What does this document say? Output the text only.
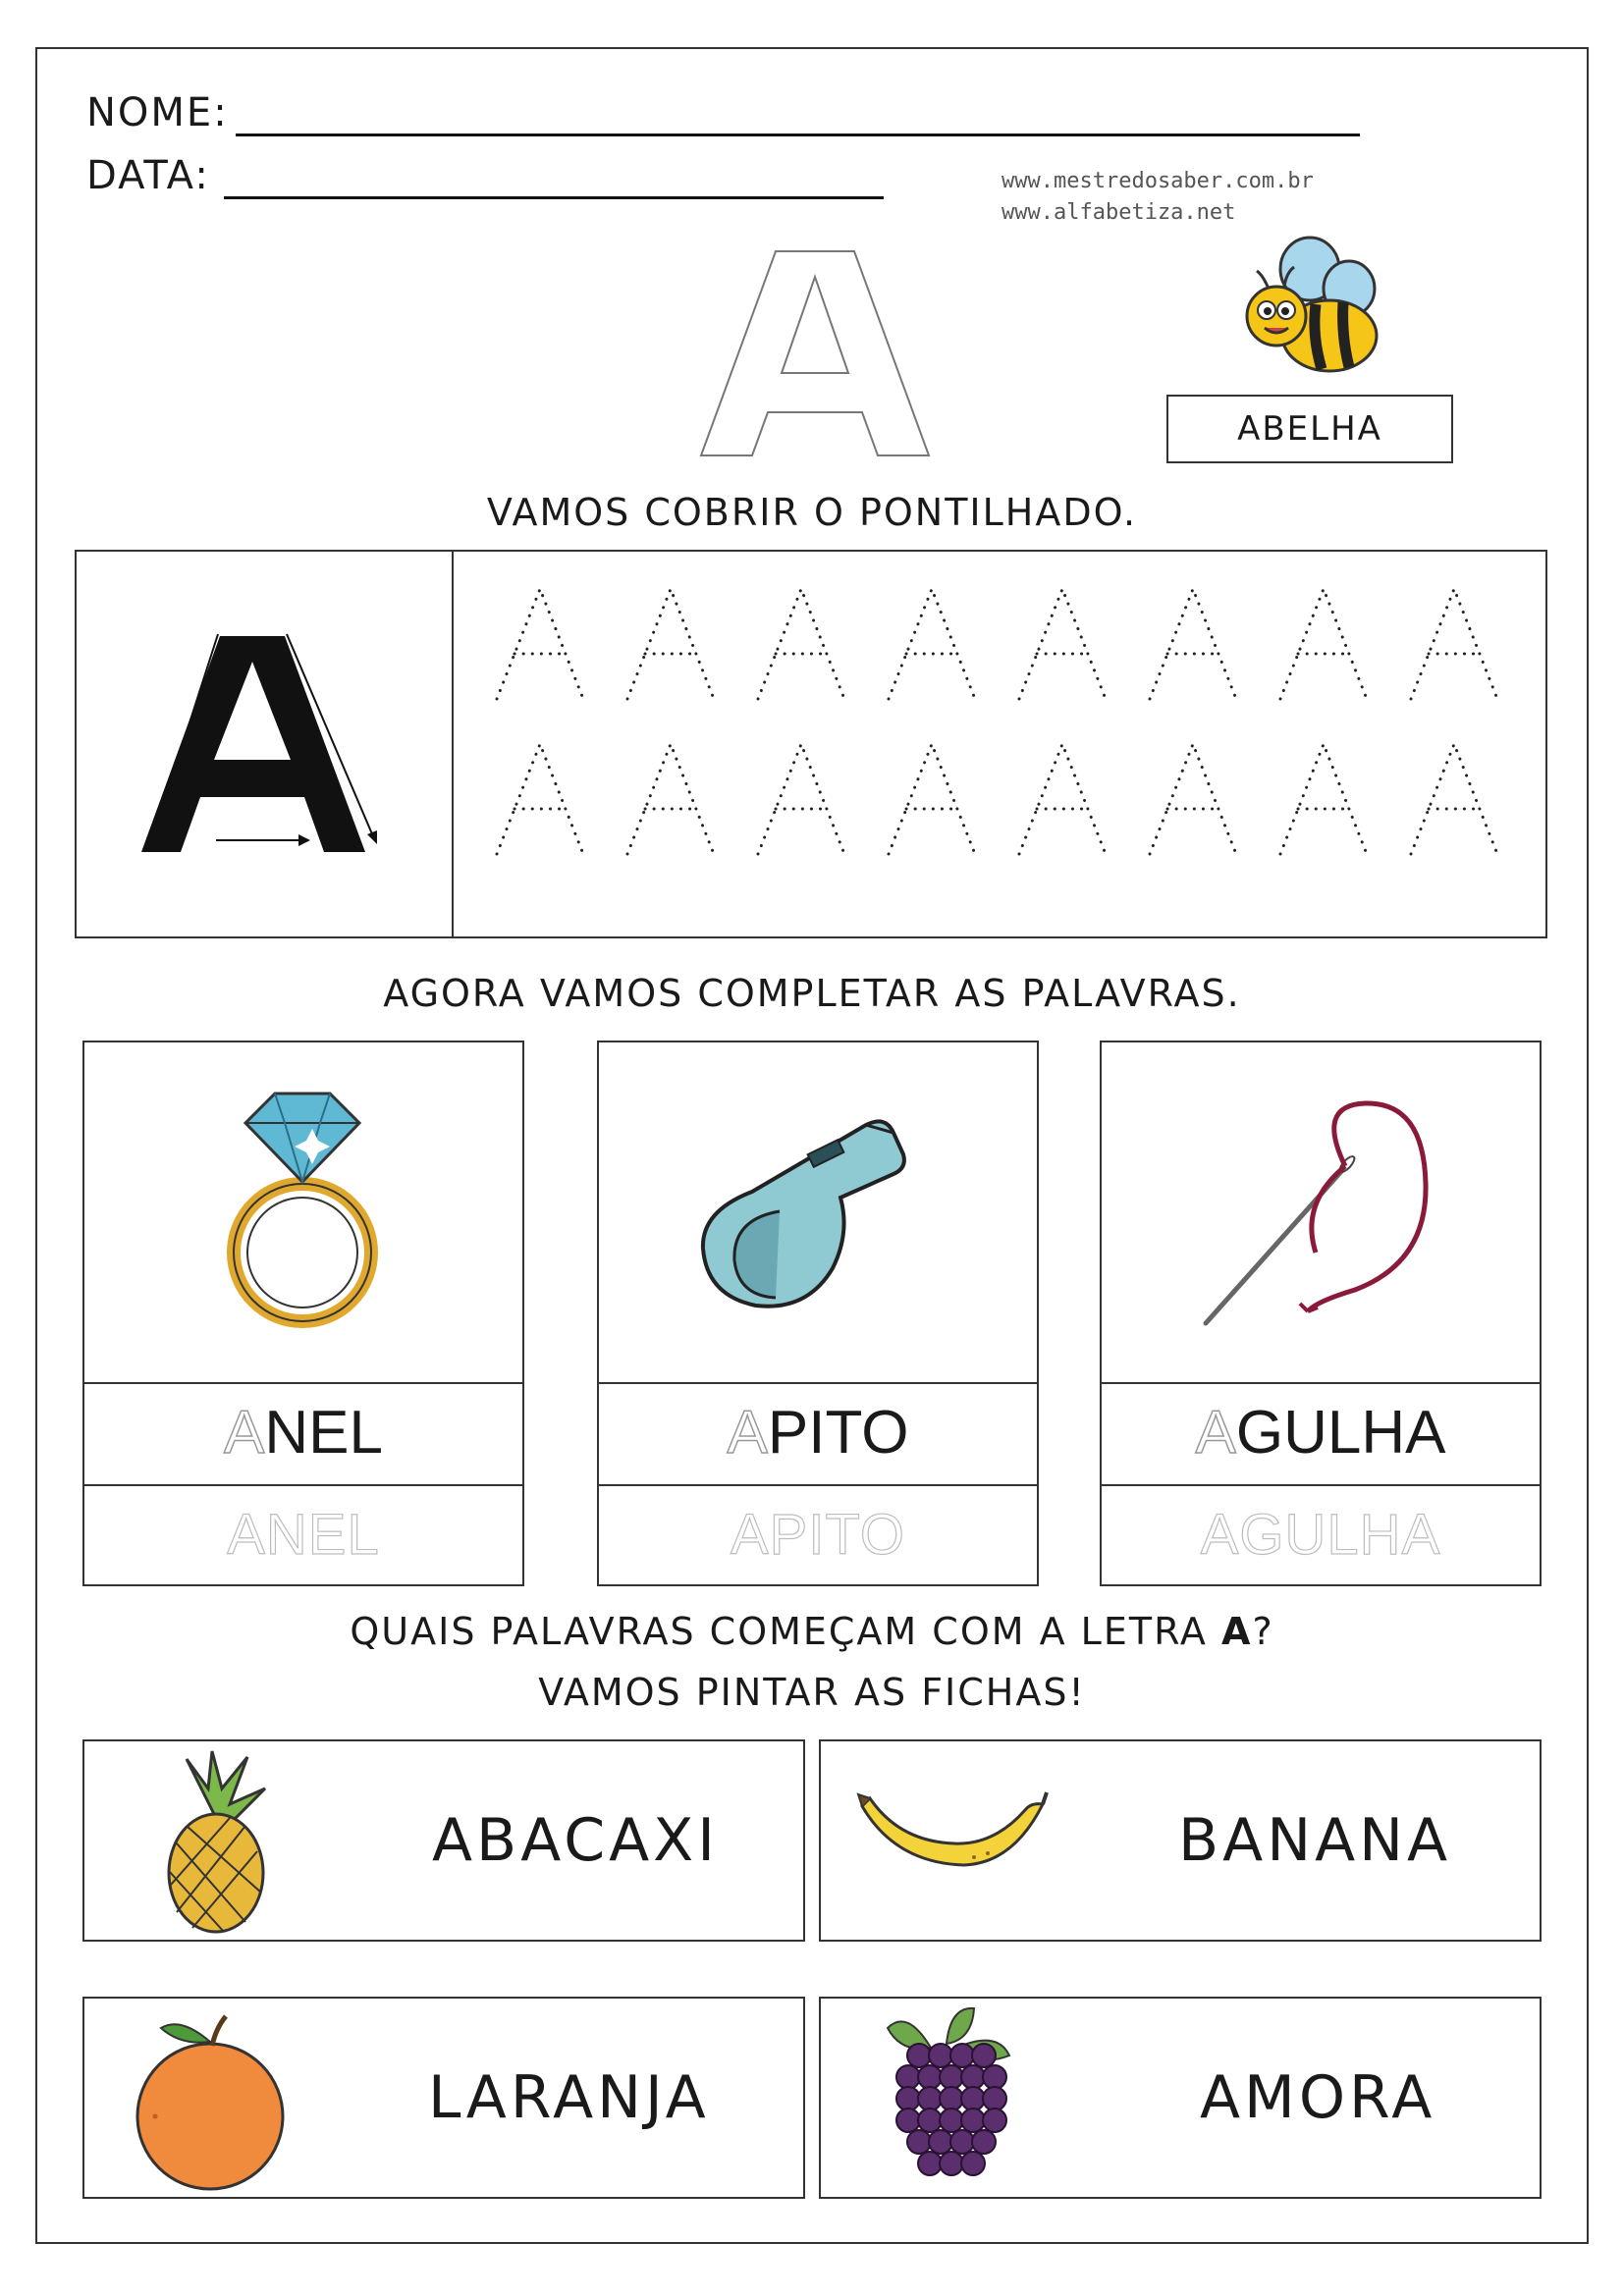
NOME:
DATA:	www.mestredosaber.com.br
www.alfabetiza.net
ABELHA
VAMOS COBRIR O PONTILHADO.
AGORA VAMOS COMPLETAR AS PALAVRAS.
ANEL
ANEL
APITO
APITO
AGULHA
AGULHA
QUAIS PALAVRAS COMEÇAM COM A LETRA A?
VAMOS PINTAR AS FICHAS!
ABACAXI	BANANA
LARANJA	AMORA
